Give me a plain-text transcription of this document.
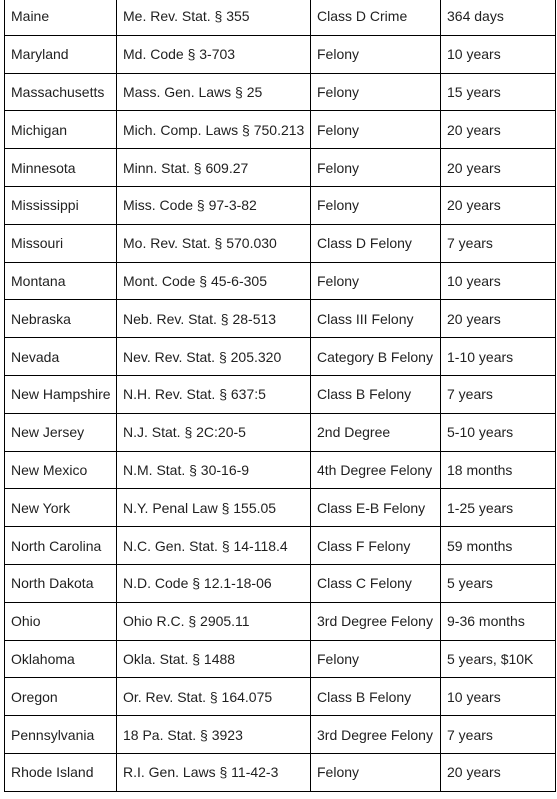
Maine	Me. Rev. Stat. § 355	Class D Crime	364 days
Maryland	Md. Code § 3-703	Felony	10 years
Massachusetts	Mass. Gen. Laws § 25	Felony	15 years
Michigan	Mich. Comp. Laws § 750.213	Felony	20 years
Minnesota	Minn. Stat. § 609.27	Felony	20 years
Mississippi	Miss. Code § 97-3-82	Felony	20 years
Missouri	Mo. Rev. Stat. § 570.030	Class D Felony	7 years
Montana	Mont. Code § 45-6-305	Felony	10 years
Nebraska	Neb. Rev. Stat. § 28-513	Class III Felony	20 years
Nevada	Nev. Rev. Stat. § 205.320	Category B Felony	1-10 years
New Hampshire	N.H. Rev. Stat. § 637:5	Class B Felony	7 years
New Jersey	N.J. Stat. § 2C:20-5	2nd Degree	5-10 years
New Mexico	N.M. Stat. § 30-16-9	4th Degree Felony	18 months
New York	N.Y. Penal Law § 155.05	Class E-B Felony	1-25 years
North Carolina	N.C. Gen. Stat. § 14-118.4	Class F Felony	59 months
North Dakota	N.D. Code § 12.1-18-06	Class C Felony	5 years
Ohio	Ohio R.C. § 2905.11	3rd Degree Felony	9-36 months
Oklahoma	Okla. Stat. § 1488	Felony	5 years, $10K
Oregon	Or. Rev. Stat. § 164.075	Class B Felony	10 years
Pennsylvania	18 Pa. Stat. § 3923	3rd Degree Felony	7 years
Rhode Island	R.I. Gen. Laws § 11-42-3	Felony	20 years
